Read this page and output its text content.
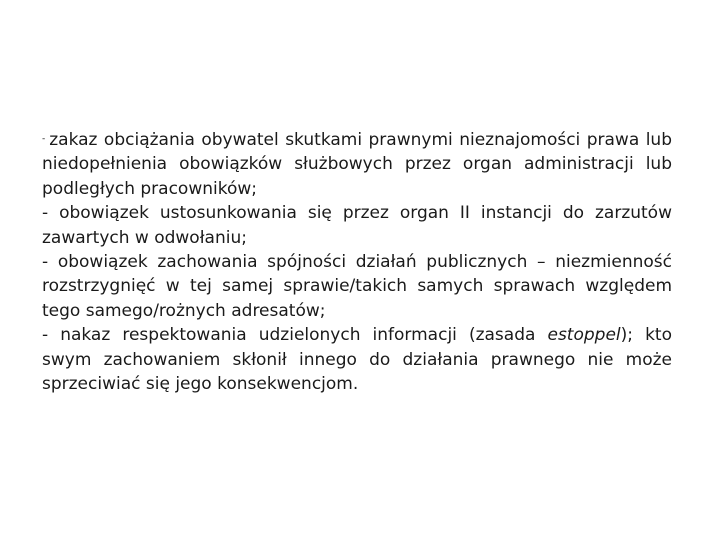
- zakaz obciążania obywatel skutkami prawnymi nieznajomości prawa lub niedopełnienia obowiązków służbowych przez organ administracji lub podległych pracowników;

- obowiązek ustosunkowania się przez organ II instancji do zarzutów zawartych w odwołaniu;

- obowiązek zachowania spójności działań publicznych – niezmienność rozstrzygnięć w tej samej sprawie/takich samych sprawach względem tego samego/rożnych adresatów;

- nakaz respektowania udzielonych informacji (zasada estoppel); kto swym zachowaniem skłonił innego do działania prawnego nie może sprzeciwiać się jego konsekwencjom.
